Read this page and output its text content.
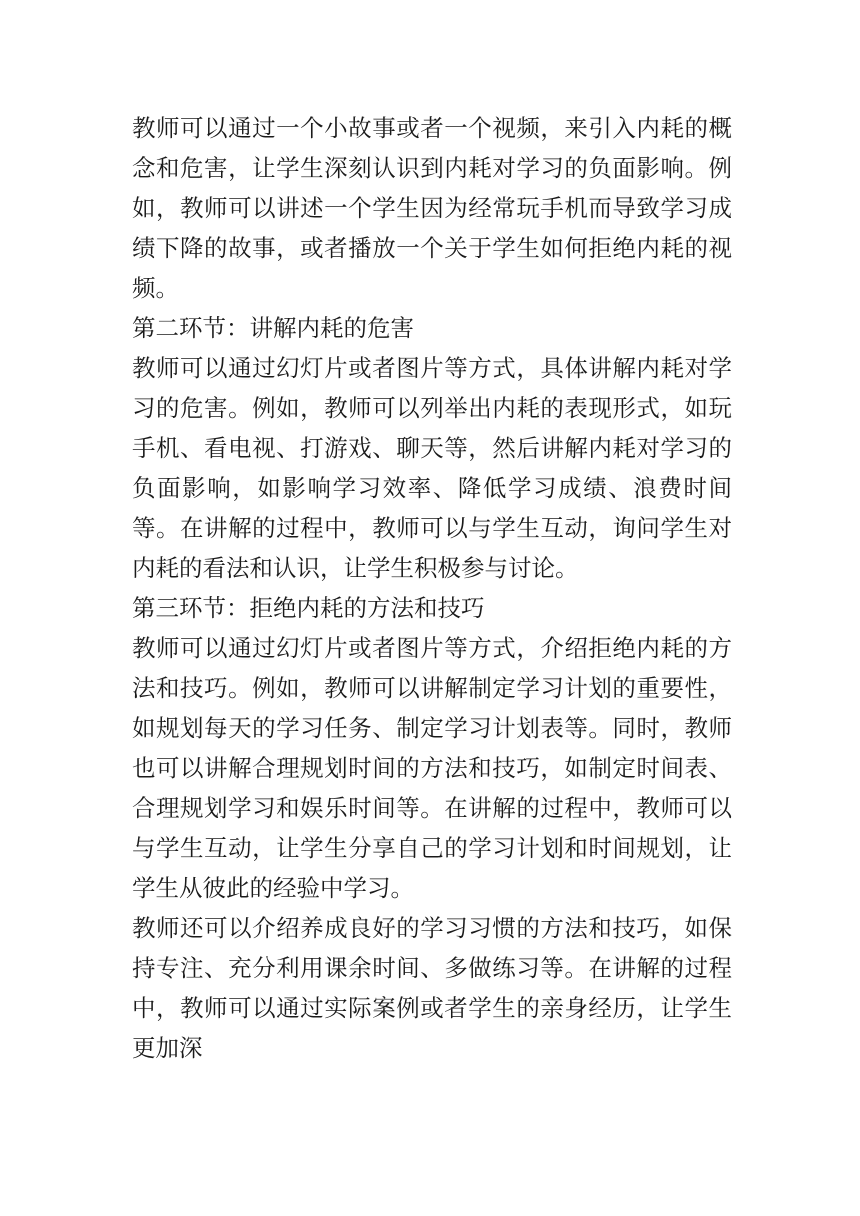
教师可以通过一个小故事或者一个视频，来引入内耗的概念和危害，让学生深刻认识到内耗对学习的负面影响。例如，教师可以讲述一个学生因为经常玩手机而导致学习成绩下降的故事，或者播放一个关于学生如何拒绝内耗的视频。

第二环节：讲解内耗的危害

教师可以通过幻灯片或者图片等方式，具体讲解内耗对学习的危害。例如，教师可以列举出内耗的表现形式，如玩手机、看电视、打游戏、聊天等，然后讲解内耗对学习的负面影响，如影响学习效率、降低学习成绩、浪费时间等。在讲解的过程中，教师可以与学生互动，询问学生对内耗的看法和认识，让学生积极参与讨论。

第三环节：拒绝内耗的方法和技巧

教师可以通过幻灯片或者图片等方式，介绍拒绝内耗的方法和技巧。例如，教师可以讲解制定学习计划的重要性，如规划每天的学习任务、制定学习计划表等。同时，教师也可以讲解合理规划时间的方法和技巧，如制定时间表、合理规划学习和娱乐时间等。在讲解的过程中，教师可以与学生互动，让学生分享自己的学习计划和时间规划，让学生从彼此的经验中学习。

教师还可以介绍养成良好的学习习惯的方法和技巧，如保持专注、充分利用课余时间、多做练习等。在讲解的过程中，教师可以通过实际案例或者学生的亲身经历，让学生更加深
